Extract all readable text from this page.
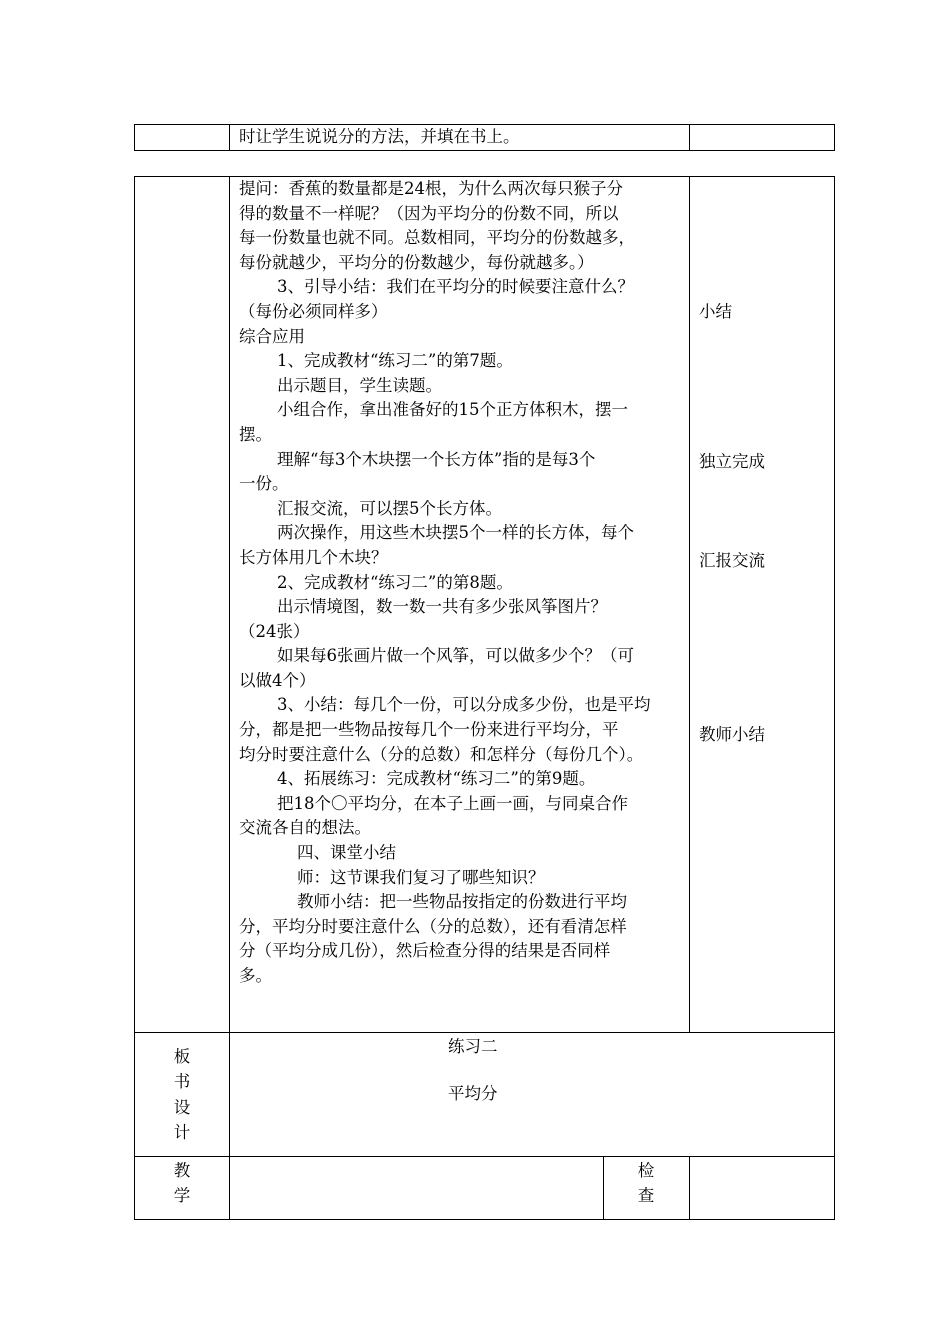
时让学生说说分的方法，并填在书上。
提问：香蕉的数量都是24根，为什么两次每只猴子分
得的数量不一样呢？（因为平均分的份数不同，所以
每一份数量也就不同。总数相同，平均分的份数越多，
每份就越少，平均分的份数越少，每份就越多。）
3、引导小结：我们在平均分的时候要注意什么？
（每份必须同样多）
综合应用
1、完成教材“练习二”的第7题。
出示题目，学生读题。
小组合作，拿出准备好的15个正方体积木，摆一
摆。
理解“每3个木块摆一个长方体”指的是每3个
一份。
汇报交流，可以摆5个长方体。
两次操作，用这些木块摆5个一样的长方体，每个
长方体用几个木块？
2、完成教材“练习二”的第8题。
出示情境图，数一数一共有多少张风筝图片？
（24张）
如果每6张画片做一个风筝，可以做多少个？（可
以做4个）
3、小结：每几个一份，可以分成多少份，也是平均
分，都是把一些物品按每几个一份来进行平均分，平
均分时要注意什么（分的总数）和怎样分（每份几个）。
4、拓展练习：完成教材“练习二”的第9题。
把18个〇平均分，在本子上画一画，与同桌合作
交流各自的想法。
四、课堂小结
师：这节课我们复习了哪些知识？
教师小结：把一些物品按指定的份数进行平均
分，平均分时要注意什么（分的总数），还有看清怎样
分（平均分成几份），然后检查分得的结果是否同样
多。
小结
独立完成
汇报交流
教师小结
板
书
设
计
练习二
平均分
教
学
检
查
